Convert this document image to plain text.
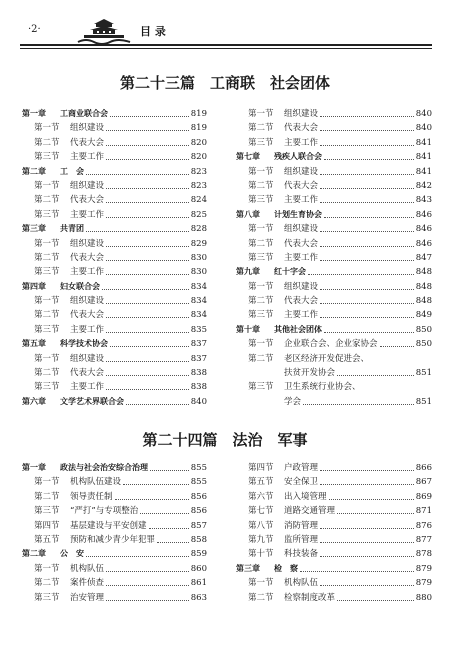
·2·	目 录
第二十三篇　工商联　社会团体
第一章 工商业联合会	819
第一节 组织建设	819
第二节 代表大会	820
第三节 主要工作	820
第二章 工　会	823
第一节 组织建设	823
第二节 代表大会	824
第三节 主要工作	825
第三章 共青团	828
第一节 组织建设	829
第二节 代表大会	830
第三节 主要工作	830
第四章 妇女联合会	834
第一节 组织建设	834
第二节 代表大会	834
第三节 主要工作	835
第五章 科学技术协会	837
第一节 组织建设	837
第二节 代表大会	838
第三节 主要工作	838
第六章 文学艺术界联合会	840
第一节 组织建设	840
第二节 代表大会	840
第三节 主要工作	841
第七章 残疾人联合会	841
第一节 组织建设	841
第二节 代表大会	842
第三节 主要工作	843
第八章 计划生育协会	846
第一节 组织建设	846
第二节 代表大会	846
第三节 主要工作	847
第九章 红十字会	848
第一节 组织建设	848
第二节 代表大会	848
第三节 主要工作	849
第十章 其他社会团体	850
第一节 企业联合会、企业家协会	850
第二节 老区经济开发促进会、
扶贫开发协会	851
第三节 卫生系统行业协会、
学会	851
第二十四篇　法治　军事
第一章 政法与社会治安综合治理	855
第一节 机构队伍建设	855
第二节 领导责任制	856
第三节 “严打”与专项整治	856
第四节 基层建设与平安创建	857
第五节 预防和减少青少年犯罪	858
第二章 公　安	859
第一节 机构队伍	860
第二节 案件侦查	861
第三节 治安管理	863
第四节 户政管理	866
第五节 安全保卫	867
第六节 出入境管理	869
第七节 道路交通管理	871
第八节 消防管理	876
第九节 监所管理	877
第十节 科技装备	878
第三章 检　察	879
第一节 机构队伍	879
第二节 检察制度改革	880
